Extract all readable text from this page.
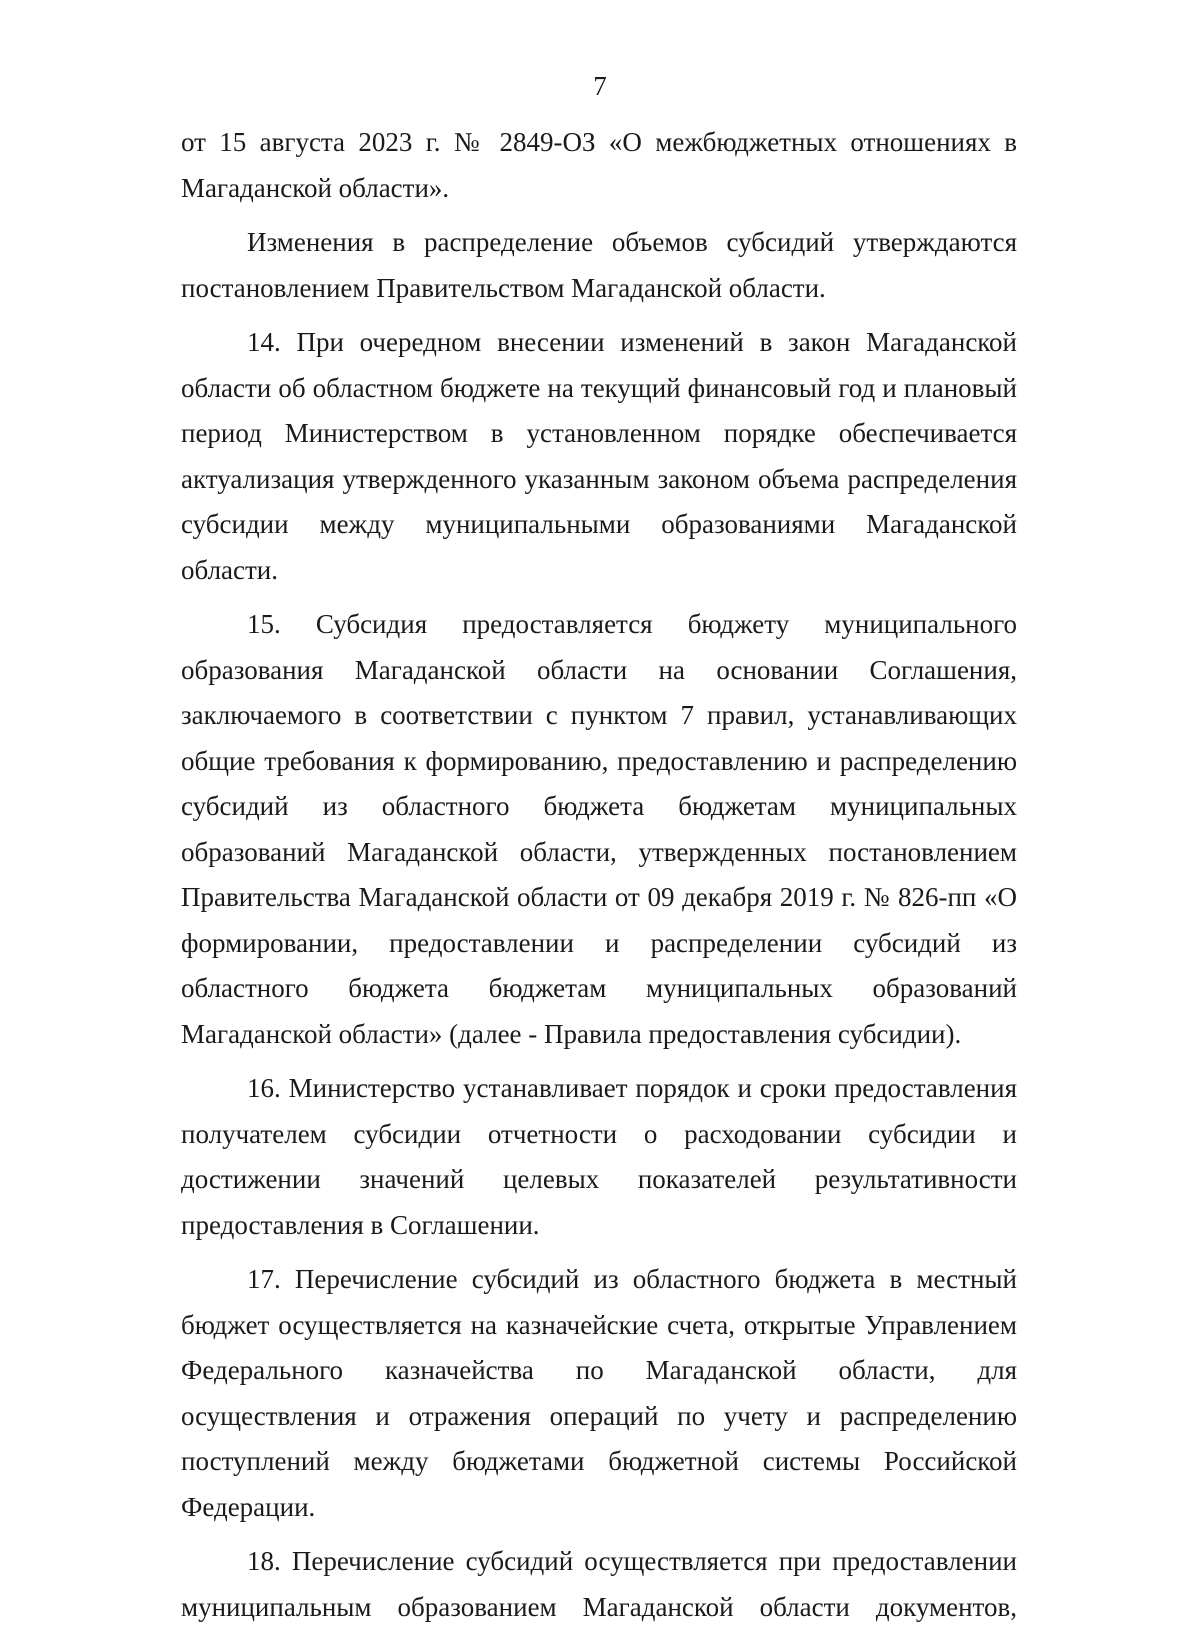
7

от 15 августа 2023 г. № 2849-ОЗ «О межбюджетных отношениях в Магаданской области».

Изменения в распределение объемов субсидий утверждаются постановлением Правительством Магаданской области.

14. При очередном внесении изменений в закон Магаданской области об областном бюджете на текущий финансовый год и плановый период Министерством в установленном порядке обеспечивается актуализация утвержденного указанным законом объема распределения субсидии между муниципальными образованиями Магаданской области.

15. Субсидия предоставляется бюджету муниципального образования Магаданской области на основании Соглашения, заключаемого в соответствии с пунктом 7 правил, устанавливающих общие требования к формированию, предоставлению и распределению субсидий из областного бюджета бюджетам муниципальных образований Магаданской области, утвержденных постановлением Правительства Магаданской области от 09 декабря 2019 г. № 826-пп «О формировании, предоставлении и распределении субсидий из областного бюджета бюджетам муниципальных образований Магаданской области» (далее - Правила предоставления субсидии).

16. Министерство устанавливает порядок и сроки предоставления получателем субсидии отчетности о расходовании субсидии и достижении значений целевых показателей результативности предоставления в Соглашении.

17. Перечисление субсидий из областного бюджета в местный бюджет осуществляется на казначейские счета, открытые Управлением Федерального казначейства по Магаданской области, для осуществления и отражения операций по учету и распределению поступлений между бюджетами бюджетной системы Российской Федерации.

18. Перечисление субсидий осуществляется при предоставлении муниципальным образованием Магаданской области документов,
